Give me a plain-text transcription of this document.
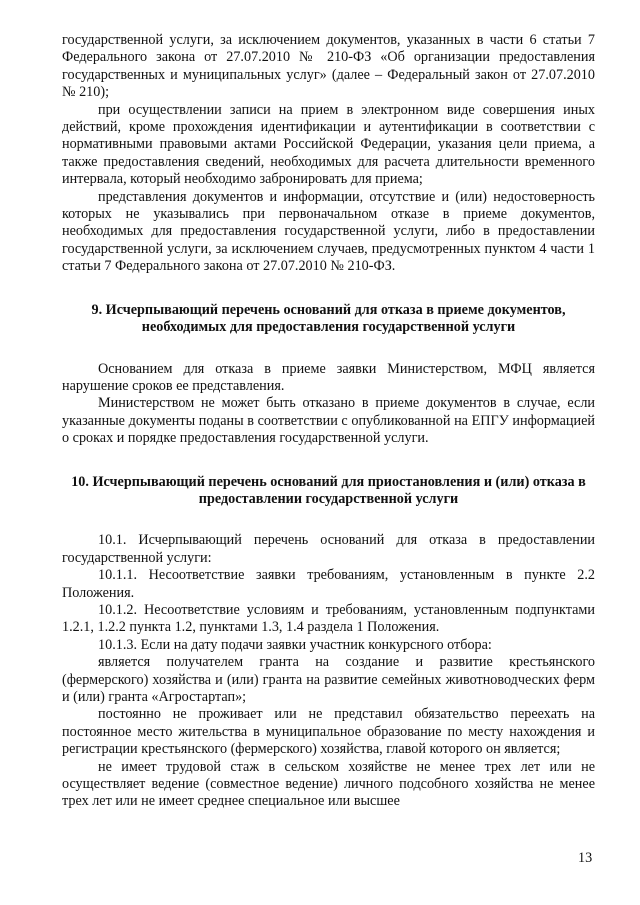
государственной услуги, за исключением документов, указанных в части 6 статьи 7 Федерального закона от 27.07.2010 № 210-ФЗ «Об организации предоставления государственных и муниципальных услуг» (далее – Федеральный закон от 27.07.2010 № 210);

при осуществлении записи на прием в электронном виде совершения иных действий, кроме прохождения идентификации и аутентификации в соответствии с нормативными правовыми актами Российской Федерации, указания цели приема, а также предоставления сведений, необходимых для расчета длительности временного интервала, который необходимо забронировать для приема;

представления документов и информации, отсутствие и (или) недостоверность которых не указывались при первоначальном отказе в приеме документов, необходимых для предоставления государственной услуги, либо в предоставлении государственной услуги, за исключением случаев, предусмотренных пунктом 4 части 1 статьи 7 Федерального закона от 27.07.2010 № 210-ФЗ.

9. Исчерпывающий перечень оснований для отказа в приеме документов, необходимых для предоставления государственной услуги

Основанием для отказа в приеме заявки Министерством, МФЦ является нарушение сроков ее представления.

Министерством не может быть отказано в приеме документов в случае, если указанные документы поданы в соответствии с опубликованной на ЕПГУ информацией о сроках и порядке предоставления государственной услуги.

10. Исчерпывающий перечень оснований для приостановления и (или) отказа в предоставлении государственной услуги

10.1. Исчерпывающий перечень оснований для отказа в предоставлении государственной услуги:

10.1.1. Несоответствие заявки требованиям, установленным в пункте 2.2 Положения.

10.1.2. Несоответствие условиям и требованиям, установленным подпунктами 1.2.1, 1.2.2 пункта 1.2, пунктами 1.3, 1.4 раздела 1 Положения.

10.1.3. Если на дату подачи заявки участник конкурсного отбора:

является получателем гранта на создание и развитие крестьянского (фермерского) хозяйства и (или) гранта на развитие семейных животноводческих ферм и (или) гранта «Агростартап»;

постоянно не проживает или не представил обязательство переехать на постоянное место жительства в муниципальное образование по месту нахождения и регистрации крестьянского (фермерского) хозяйства, главой которого он является;

не имеет трудовой стаж в сельском хозяйстве не менее трех лет или не осуществляет ведение (совместное ведение) личного подсобного хозяйства не менее трех лет или не имеет среднее специальное или высшее

13
